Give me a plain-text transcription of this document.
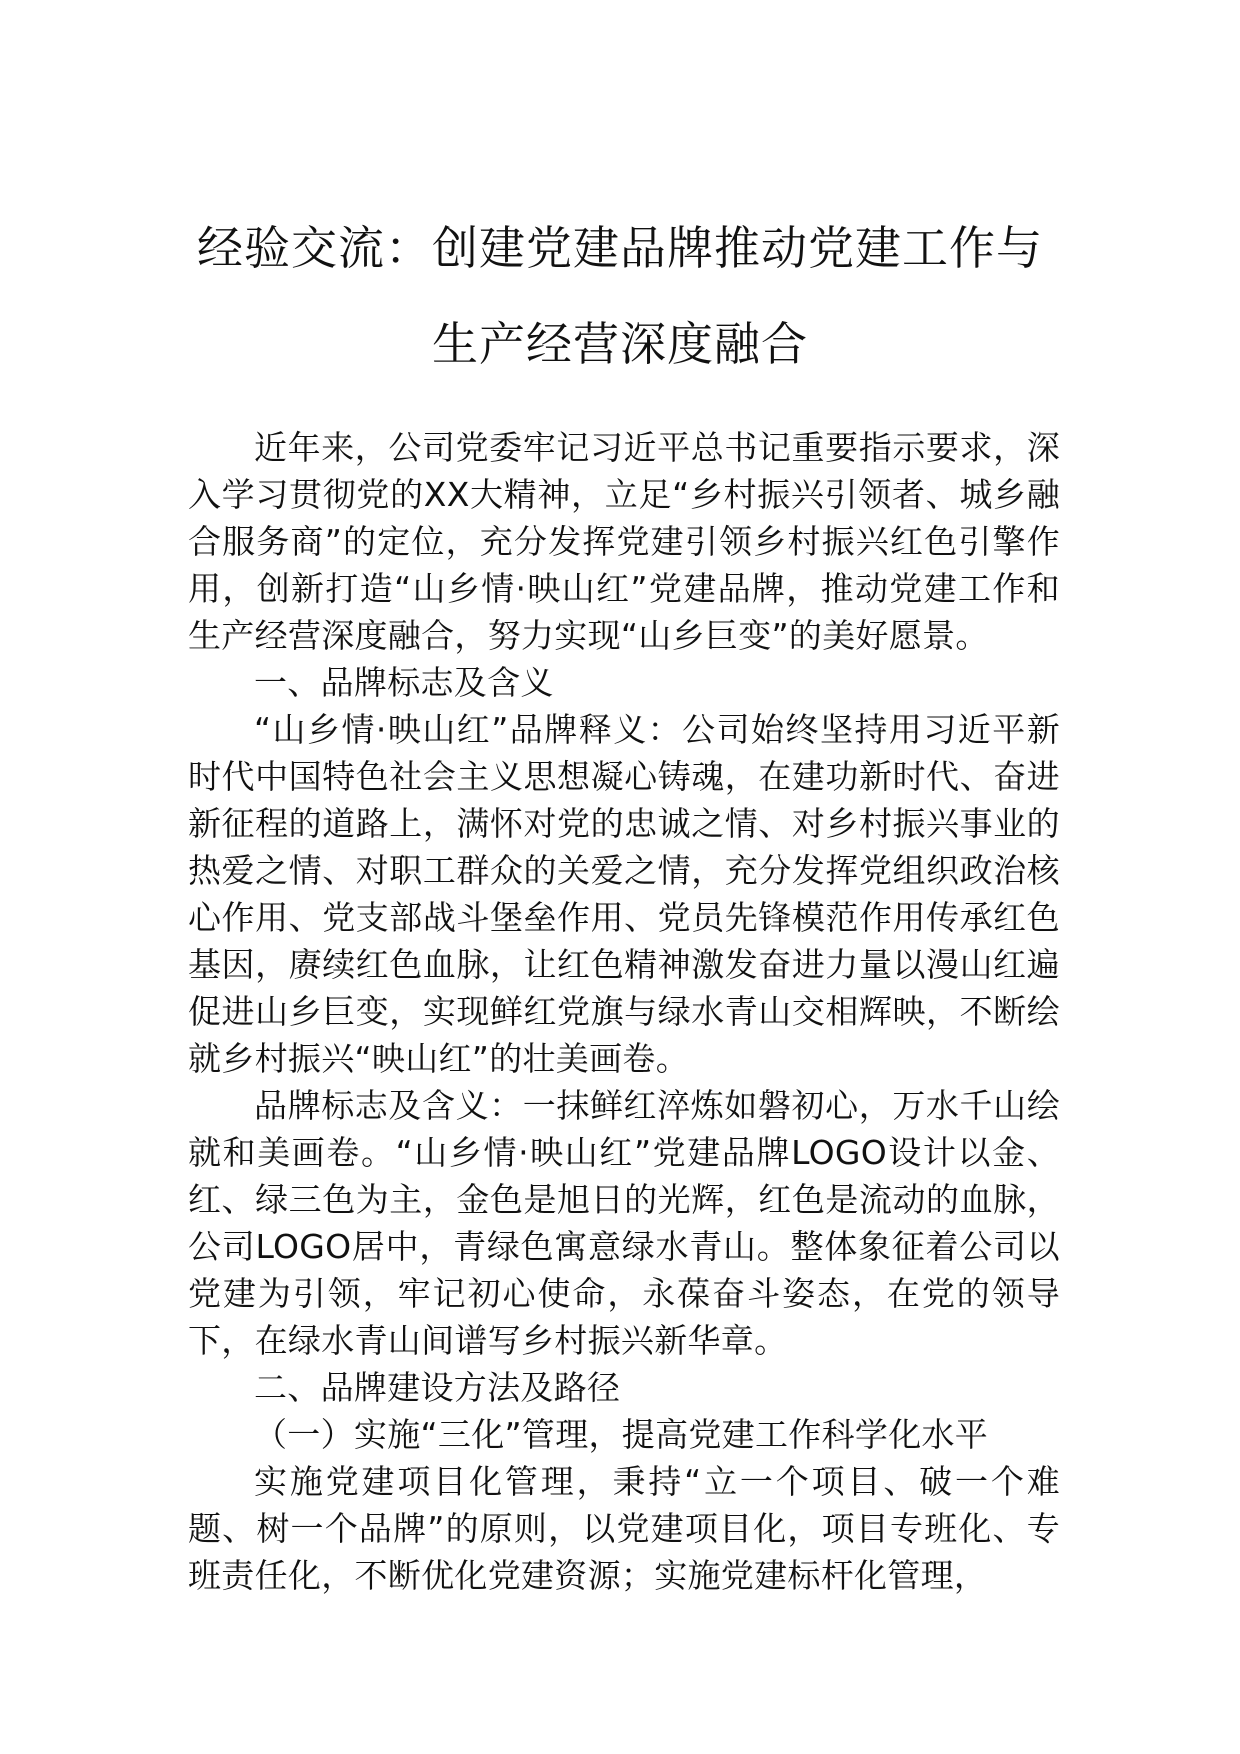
经验交流：创建党建品牌推动党建工作与
生产经营深度融合

近年来，公司党委牢记习近平总书记重要指示要求，深入学习贯彻党的XX大精神，立足“乡村振兴引领者、城乡融合服务商”的定位，充分发挥党建引领乡村振兴红色引擎作用，创新打造“山乡情·映山红”党建品牌，推动党建工作和生产经营深度融合，努力实现“山乡巨变”的美好愿景。

一、品牌标志及含义

“山乡情·映山红”品牌释义：公司始终坚持用习近平新时代中国特色社会主义思想凝心铸魂，在建功新时代、奋进新征程的道路上，满怀对党的忠诚之情、对乡村振兴事业的热爱之情、对职工群众的关爱之情，充分发挥党组织政治核心作用、党支部战斗堡垒作用、党员先锋模范作用传承红色基因，赓续红色血脉，让红色精神激发奋进力量以漫山红遍促进山乡巨变，实现鲜红党旗与绿水青山交相辉映，不断绘就乡村振兴“映山红”的壮美画卷。

品牌标志及含义：一抹鲜红淬炼如磐初心，万水千山绘就和美画卷。“山乡情·映山红”党建品牌LOGO设计以金、红、绿三色为主，金色是旭日的光辉，红色是流动的血脉，公司LOGO居中，青绿色寓意绿水青山。整体象征着公司以党建为引领，牢记初心使命，永葆奋斗姿态，在党的领导下，在绿水青山间谱写乡村振兴新华章。

二、品牌建设方法及路径

（一）实施“三化”管理，提高党建工作科学化水平

实施党建项目化管理，秉持“立一个项目、破一个难题、树一个品牌”的原则，以党建项目化，项目专班化、专班责任化，不断优化党建资源；实施党建标杆化管理，
